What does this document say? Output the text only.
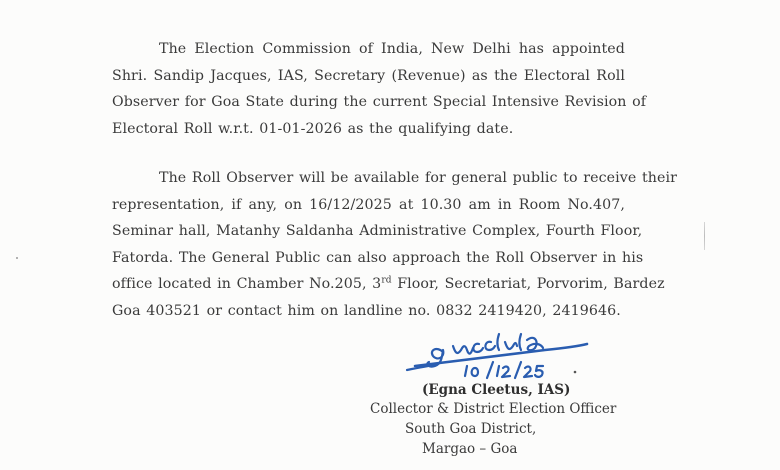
The Election Commission of India, New Delhi has appointed
Shri. Sandip Jacques, IAS, Secretary (Revenue) as the Electoral Roll
Observer for Goa State during the current Special Intensive Revision of
Electoral Roll w.r.t. 01-01-2026 as the qualifying date.
The Roll Observer will be available for general public to receive their
representation, if any, on 16/12/2025 at 10.30 am in Room No.407,
Seminar hall, Matanhy Saldanha Administrative Complex, Fourth Floor,
Fatorda. The General Public can also approach the Roll Observer in his
office located in Chamber No.205, 3rd Floor, Secretariat, Porvorim, Bardez
Goa 403521 or contact him on landline no. 0832 2419420, 2419646.
(Egna Cleetus, IAS)
Collector & District Election Officer
South Goa District,
Margao – Goa
